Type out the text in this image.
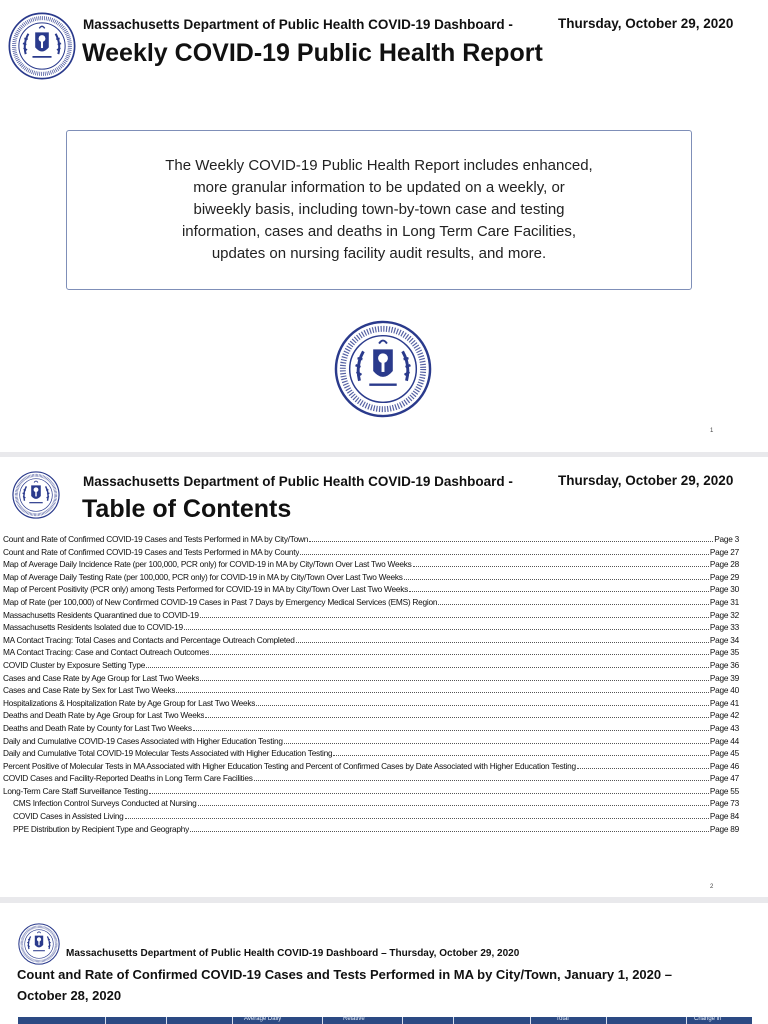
Massachusetts Department of Public Health COVID-19 Dashboard -	Thursday, October 29, 2020
Weekly COVID-19 Public Health Report
The Weekly COVID-19 Public Health Report includes enhanced,
more granular information to be updated on a weekly, or
biweekly basis, including town-by-town case and testing
information, cases and deaths in Long Term Care Facilities,
updates on nursing facility audit results, and more.
1
Massachusetts Department of Public Health COVID-19 Dashboard -	Thursday, October 29, 2020
Table of Contents
Count and Rate of Confirmed COVID-19 Cases and Tests Performed in MA by City/Town	Page 3
Count and Rate of Confirmed COVID-19 Cases and Tests Performed in MA by County	Page 27
Map of Average Daily Incidence Rate (per 100,000, PCR only) for COVID-19 in MA by City/Town Over Last Two Weeks	Page 28
Map of Average Daily Testing Rate (per 100,000, PCR only) for COVID-19 in MA by City/Town Over Last Two Weeks	Page 29
Map of Percent Positivity (PCR only) among Tests Performed for COVID-19 in MA by City/Town Over Last Two Weeks	Page 30
Map of Rate (per 100,000) of New Confirmed COVID-19 Cases in Past 7 Days by Emergency Medical Services (EMS) Region	Page 31
Massachusetts Residents Quarantined due to COVID-19	Page 32
Massachusetts Residents Isolated due to COVID-19	Page 33
MA Contact Tracing: Total Cases and Contacts and Percentage Outreach Completed	Page 34
MA Contact Tracing: Case and Contact Outreach Outcomes	Page 35
COVID Cluster by Exposure Setting Type	Page 36
Cases and Case Rate by Age Group for Last Two Weeks	Page 39
Cases and Case Rate by Sex for Last Two Weeks	Page 40
Hospitalizations & Hospitalization Rate by Age Group for Last Two Weeks	Page 41
Deaths and Death Rate by Age Group for Last Two Weeks	Page 42
Deaths and Death Rate by County for Last Two Weeks	Page 43
Daily and Cumulative COVID-19 Cases Associated with Higher Education Testing	Page 44
Daily and Cumulative Total COVID-19 Molecular Tests Associated with Higher Education Testing	Page 45
Percent Positive of Molecular Tests in MA Associated with Higher Education Testing and Percent of Confirmed Cases by Date Associated with Higher Education Testing	Page 46
COVID Cases and Facility-Reported Deaths in Long Term Care Facilities	Page 47
Long-Term Care Staff Surveillance Testing	Page 55
CMS Infection Control Surveys Conducted at Nursing	Page 73
COVID Cases in Assisted Living	Page 84
PPE Distribution by Recipient Type and Geography	Page 89
2
Massachusetts Department of Public Health COVID-19 Dashboard – Thursday, October 29, 2020
Count and Rate of Confirmed COVID-19 Cases and Tests Performed in MA by City/Town, January 1, 2020 – October 28, 2020
Average Daily	Relative	Total	Change in
